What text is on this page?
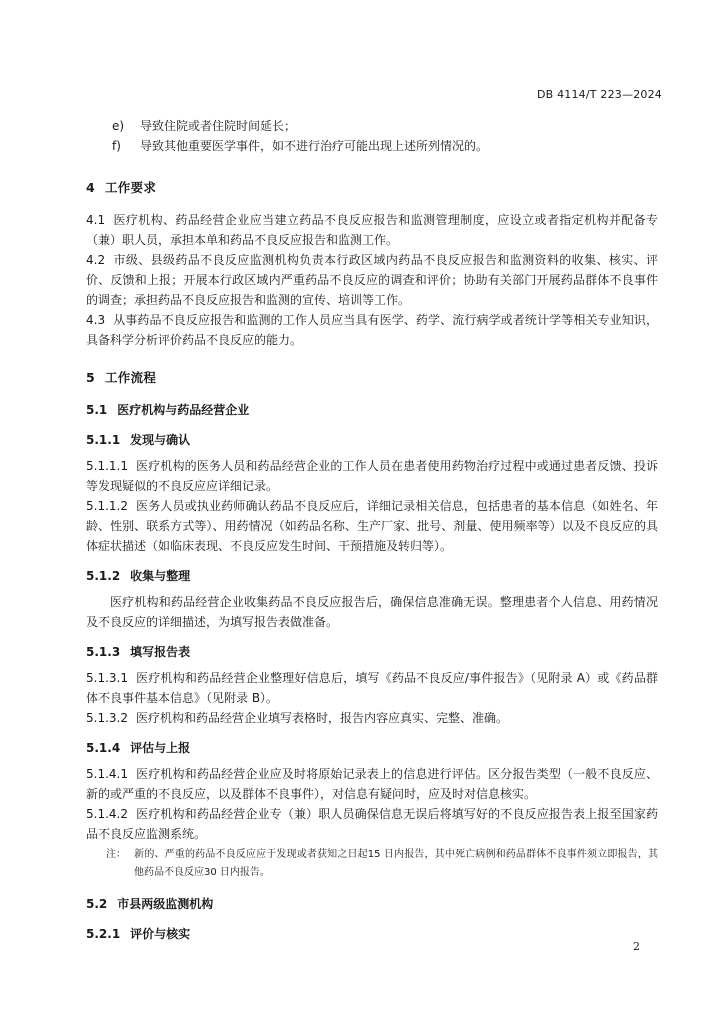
DB 4114/T 223—2024
e) 导致住院或者住院时间延长；
f) 导致其他重要医学事件，如不进行治疗可能出现上述所列情况的。
4 工作要求
4.1 医疗机构、药品经营企业应当建立药品不良反应报告和监测管理制度，应设立或者指定机构并配备专（兼）职人员，承担本单和药品不良反应报告和监测工作。
4.2 市级、县级药品不良反应监测机构负责本行政区域内药品不良反应报告和监测资料的收集、核实、评价、反馈和上报；开展本行政区域内严重药品不良反应的调查和评价；协助有关部门开展药品群体不良事件的调查；承担药品不良反应报告和监测的宣传、培训等工作。
4.3 从事药品不良反应报告和监测的工作人员应当具有医学、药学、流行病学或者统计学等相关专业知识，具备科学分析评价药品不良反应的能力。
5 工作流程
5.1 医疗机构与药品经营企业
5.1.1 发现与确认
5.1.1.1 医疗机构的医务人员和药品经营企业的工作人员在患者使用药物治疗过程中或通过患者反馈、投诉等发现疑似的不良反应应详细记录。
5.1.1.2 医务人员或执业药师确认药品不良反应后，详细记录相关信息，包括患者的基本信息（如姓名、年龄、性别、联系方式等）、用药情况（如药品名称、生产厂家、批号、剂量、使用频率等）以及不良反应的具体症状描述（如临床表现、不良反应发生时间、干预措施及转归等）。
5.1.2 收集与整理
医疗机构和药品经营企业收集药品不良反应报告后，确保信息准确无误。整理患者个人信息、用药情况及不良反应的详细描述，为填写报告表做准备。
5.1.3 填写报告表
5.1.3.1 医疗机构和药品经营企业整理好信息后，填写《药品不良反应/事件报告》（见附录 A）或《药品群体不良事件基本信息》（见附录 B）。
5.1.3.2 医疗机构和药品经营企业填写表格时，报告内容应真实、完整、准确。
5.1.4 评估与上报
5.1.4.1 医疗机构和药品经营企业应及时将原始记录表上的信息进行评估。区分报告类型（一般不良反应、新的或严重的不良反应，以及群体不良事件），对信息有疑问时，应及时对信息核实。
5.1.4.2 医疗机构和药品经营企业专（兼）职人员确保信息无误后将填写好的不良反应报告表上报至国家药品不良反应监测系统。
注： 新的、严重的药品不良反应应于发现或者获知之日起15 日内报告，其中死亡病例和药品群体不良事件须立即报告，其他药品不良反应30 日内报告。
5.2 市县两级监测机构
5.2.1 评价与核实
2
